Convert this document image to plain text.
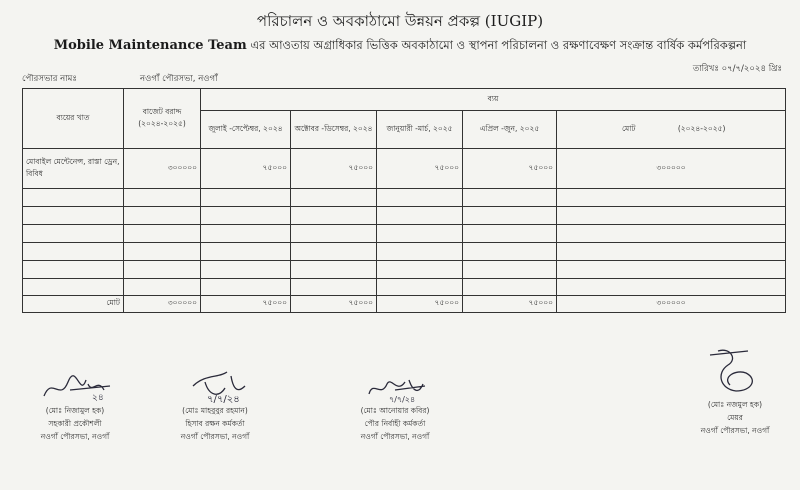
পরিচালন ও অবকাঠামো উন্নয়ন প্রকল্প (IUGIP)
Mobile Maintenance Team এর আওতায় অগ্রাধিকার ভিত্তিক অবকাঠামো ও স্থাপনা পরিচালনা ও রক্ষণাবেক্ষণ সংক্রান্ত বার্ষিক কর্মপরিকল্পনা
পৌরসভার নামঃ	নওগাঁ পৌরসভা, নওগাঁ
তারিখঃ ০৭/৭/২০২৪ খ্রিঃ
ব্যয়ের খাত	বাজেট বরাদ্দ (২০২৪-২০২৫)	ব্যয়				
		জুলাই -সেপ্টেম্বর, ২০২৪	অক্টোবর -ডিসেম্বর, ২০২৪	জানুয়ারী -মার্চ, ২০২৫	এপ্রিল -জুন, ২০২৫	মোট (২০২৪-২০২৫)
মোবাইল মেন্টেনেন্স, রাস্তা ড্রেন, বিবিধ	৩০০০০০	৭৫০০০	৭৫০০০	৭৫০০০	৭৫০০০	৩০০০০০

মোট	৩০০০০০	৭৫০০০	৭৫০০০	৭৫০০০	৭৫০০০	৩০০০০০
২৪	৭/৭/২৪	৭/৭/২৪
(মোঃ নিজামুল হক)
সহকারী প্রকৌশলী
নওগাঁ পৌরসভা, নওগাঁ
(মোঃ মাহবুবুর রহমান)
হিসাব রক্ষন কর্মকর্তা
নওগাঁ পৌরসভা, নওগাঁ
(মোঃ আনোয়ার কবির)
পৌর নির্বাহী কর্মকর্তা
নওগাঁ পৌরসভা, নওগাঁ
(মোঃ নজমুল হক)
মেয়র
নওগাঁ পৌরসভা, নওগাঁ
